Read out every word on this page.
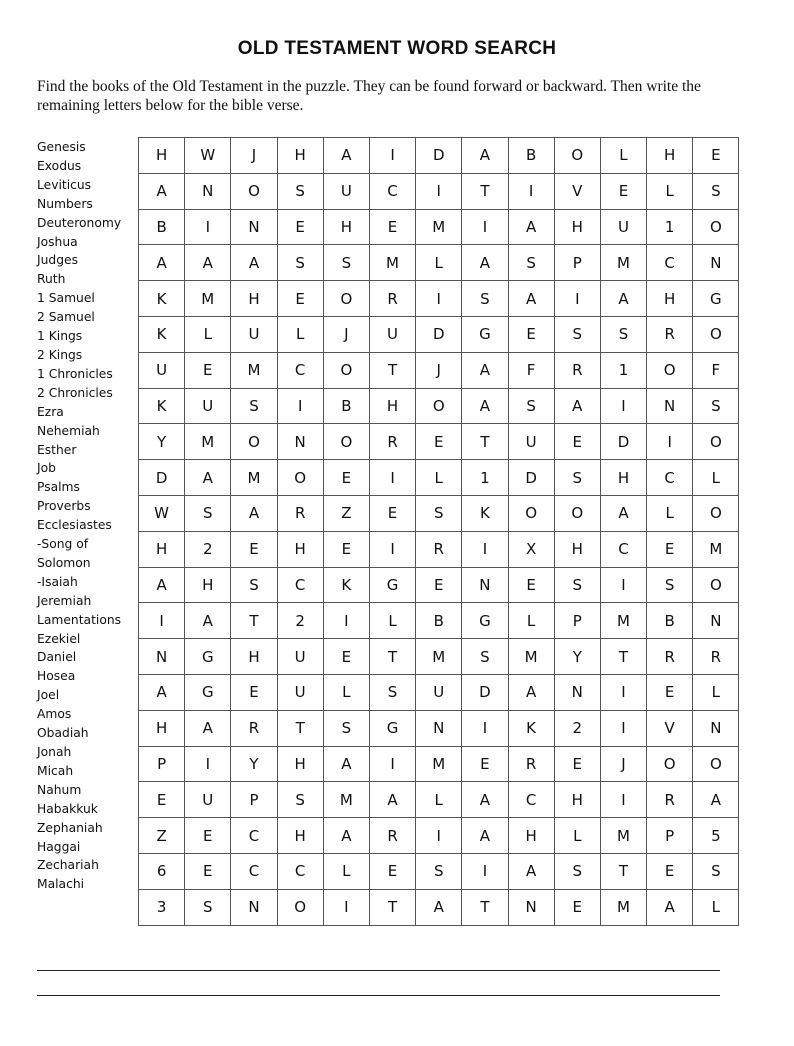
OLD TESTAMENT WORD SEARCH
Find the books of the Old Testament in the puzzle. They can be found forward or backward. Then write the remaining letters below for the bible verse.
Genesis
Exodus
Leviticus
Numbers
Deuteronomy
Joshua
Judges
Ruth
1 Samuel
2 Samuel
1 Kings
2 Kings
1 Chronicles
2 Chronicles
Ezra
Nehemiah
Esther
Job
Psalms
Proverbs
Ecclesiastes
-Song of
Solomon
-Isaiah
Jeremiah
Lamentations
Ezekiel
Daniel
Hosea
Joel
Amos
Obadiah
Jonah
Micah
Nahum
Habakkuk
Zephaniah
Haggai
Zechariah
Malachi
H	W	J	H	A	I	D	A	B	O	L	H	E
A	N	O	S	U	C	I	T	I	V	E	L	S
B	I	N	E	H	E	M	I	A	H	U	1	O
A	A	A	S	S	M	L	A	S	P	M	C	N
K	M	H	E	O	R	I	S	A	I	A	H	G
K	L	U	L	J	U	D	G	E	S	S	R	O
U	E	M	C	O	T	J	A	F	R	1	O	F
K	U	S	I	B	H	O	A	S	A	I	N	S
Y	M	O	N	O	R	E	T	U	E	D	I	O
D	A	M	O	E	I	L	1	D	S	H	C	L
W	S	A	R	Z	E	S	K	O	O	A	L	O
H	2	E	H	E	I	R	I	X	H	C	E	M
A	H	S	C	K	G	E	N	E	S	I	S	O
I	A	T	2	I	L	B	G	L	P	M	B	N
N	G	H	U	E	T	M	S	M	Y	T	R	R
A	G	E	U	L	S	U	D	A	N	I	E	L
H	A	R	T	S	G	N	I	K	2	I	V	N
P	I	Y	H	A	I	M	E	R	E	J	O	O
E	U	P	S	M	A	L	A	C	H	I	R	A
Z	E	C	H	A	R	I	A	H	L	M	P	5
6	E	C	C	L	E	S	I	A	S	T	E	S
3	S	N	O	I	T	A	T	N	E	M	A	L
